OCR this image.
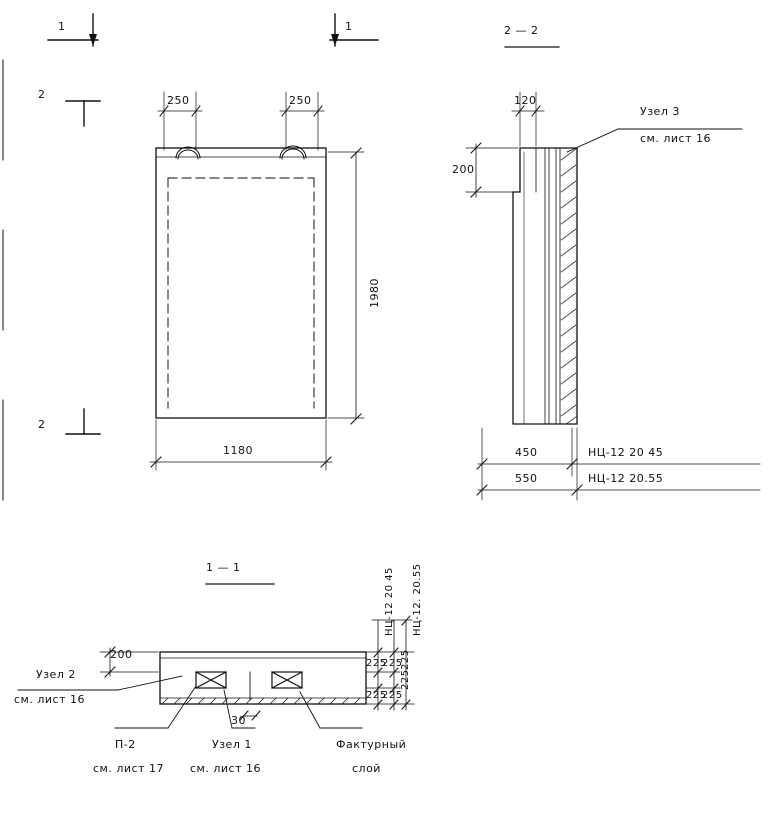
1	1
2
2
2 — 2
1 — 1
250	250
1980
1180
120
200
Узел 3
см. лист 16
450
550
НЦ-12 20 45
НЦ-12 20.55
200
30
225
225
225
225
225
225
НЦ-12 20 45 НЦ-12. 20.55
Узел 2
см. лист 16
П-2
см. лист 17
Узел 1
см. лист 16
Фактурный
слой
